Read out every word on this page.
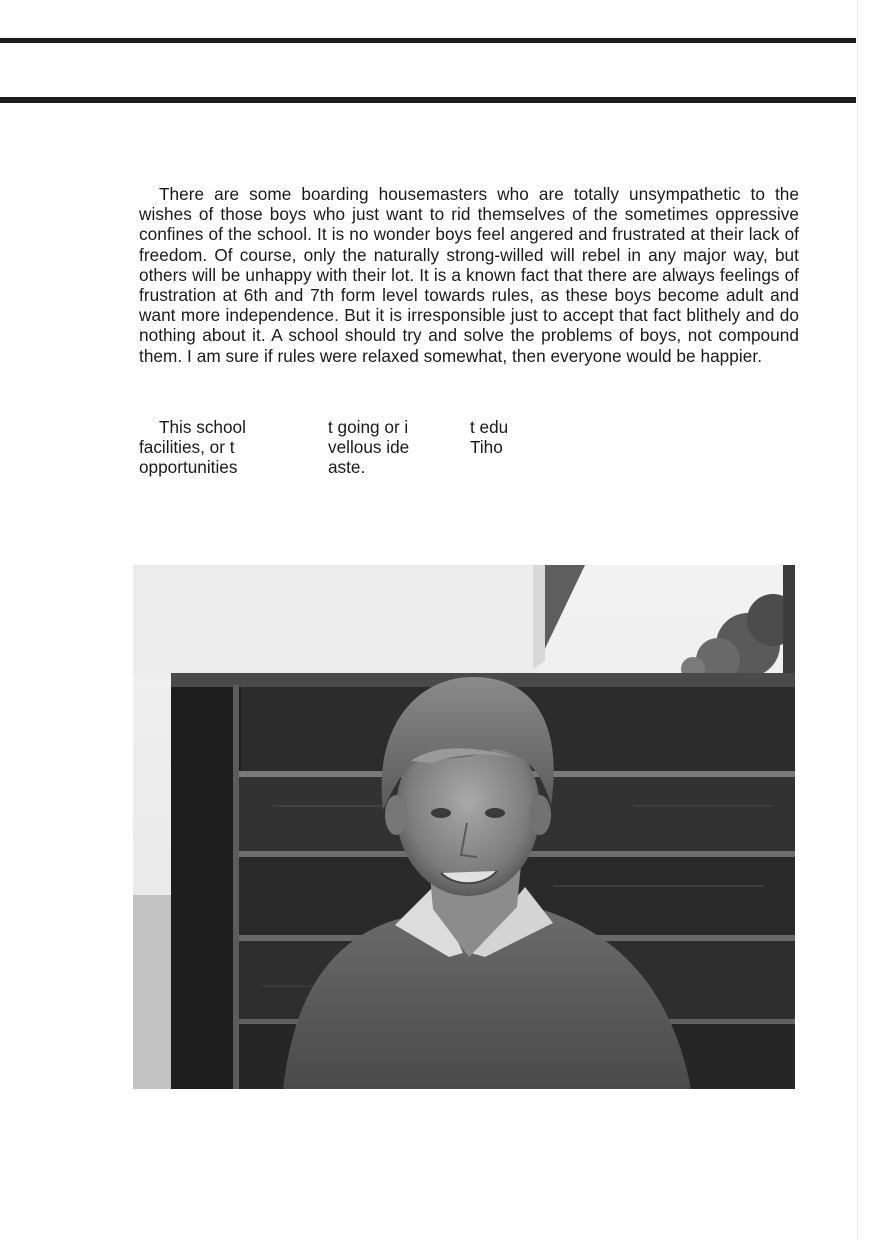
There are some boarding housemasters who are totally unsympathetic to the wishes of those boys who just want to rid themselves of the sometimes oppressive confines of the school. It is no wonder boys feel angered and frustrated at their lack of freedom. Of course, only the naturally strong-willed will rebel in any major way, but others will be unhappy with their lot. It is a known fact that there are always feelings of frustration at 6th and 7th form level towards rules, as these boys become adult and want more independence. But it is irresponsible just to accept that fact blithely and do nothing about it. A school should try and solve the problems of boys, not compound them. I am sure if rules were relaxed somewhat, then everyone would be happier.

This school
facilities, or t
opportunities
t going or i
vellous ide
aste.
t edu
Tiho
